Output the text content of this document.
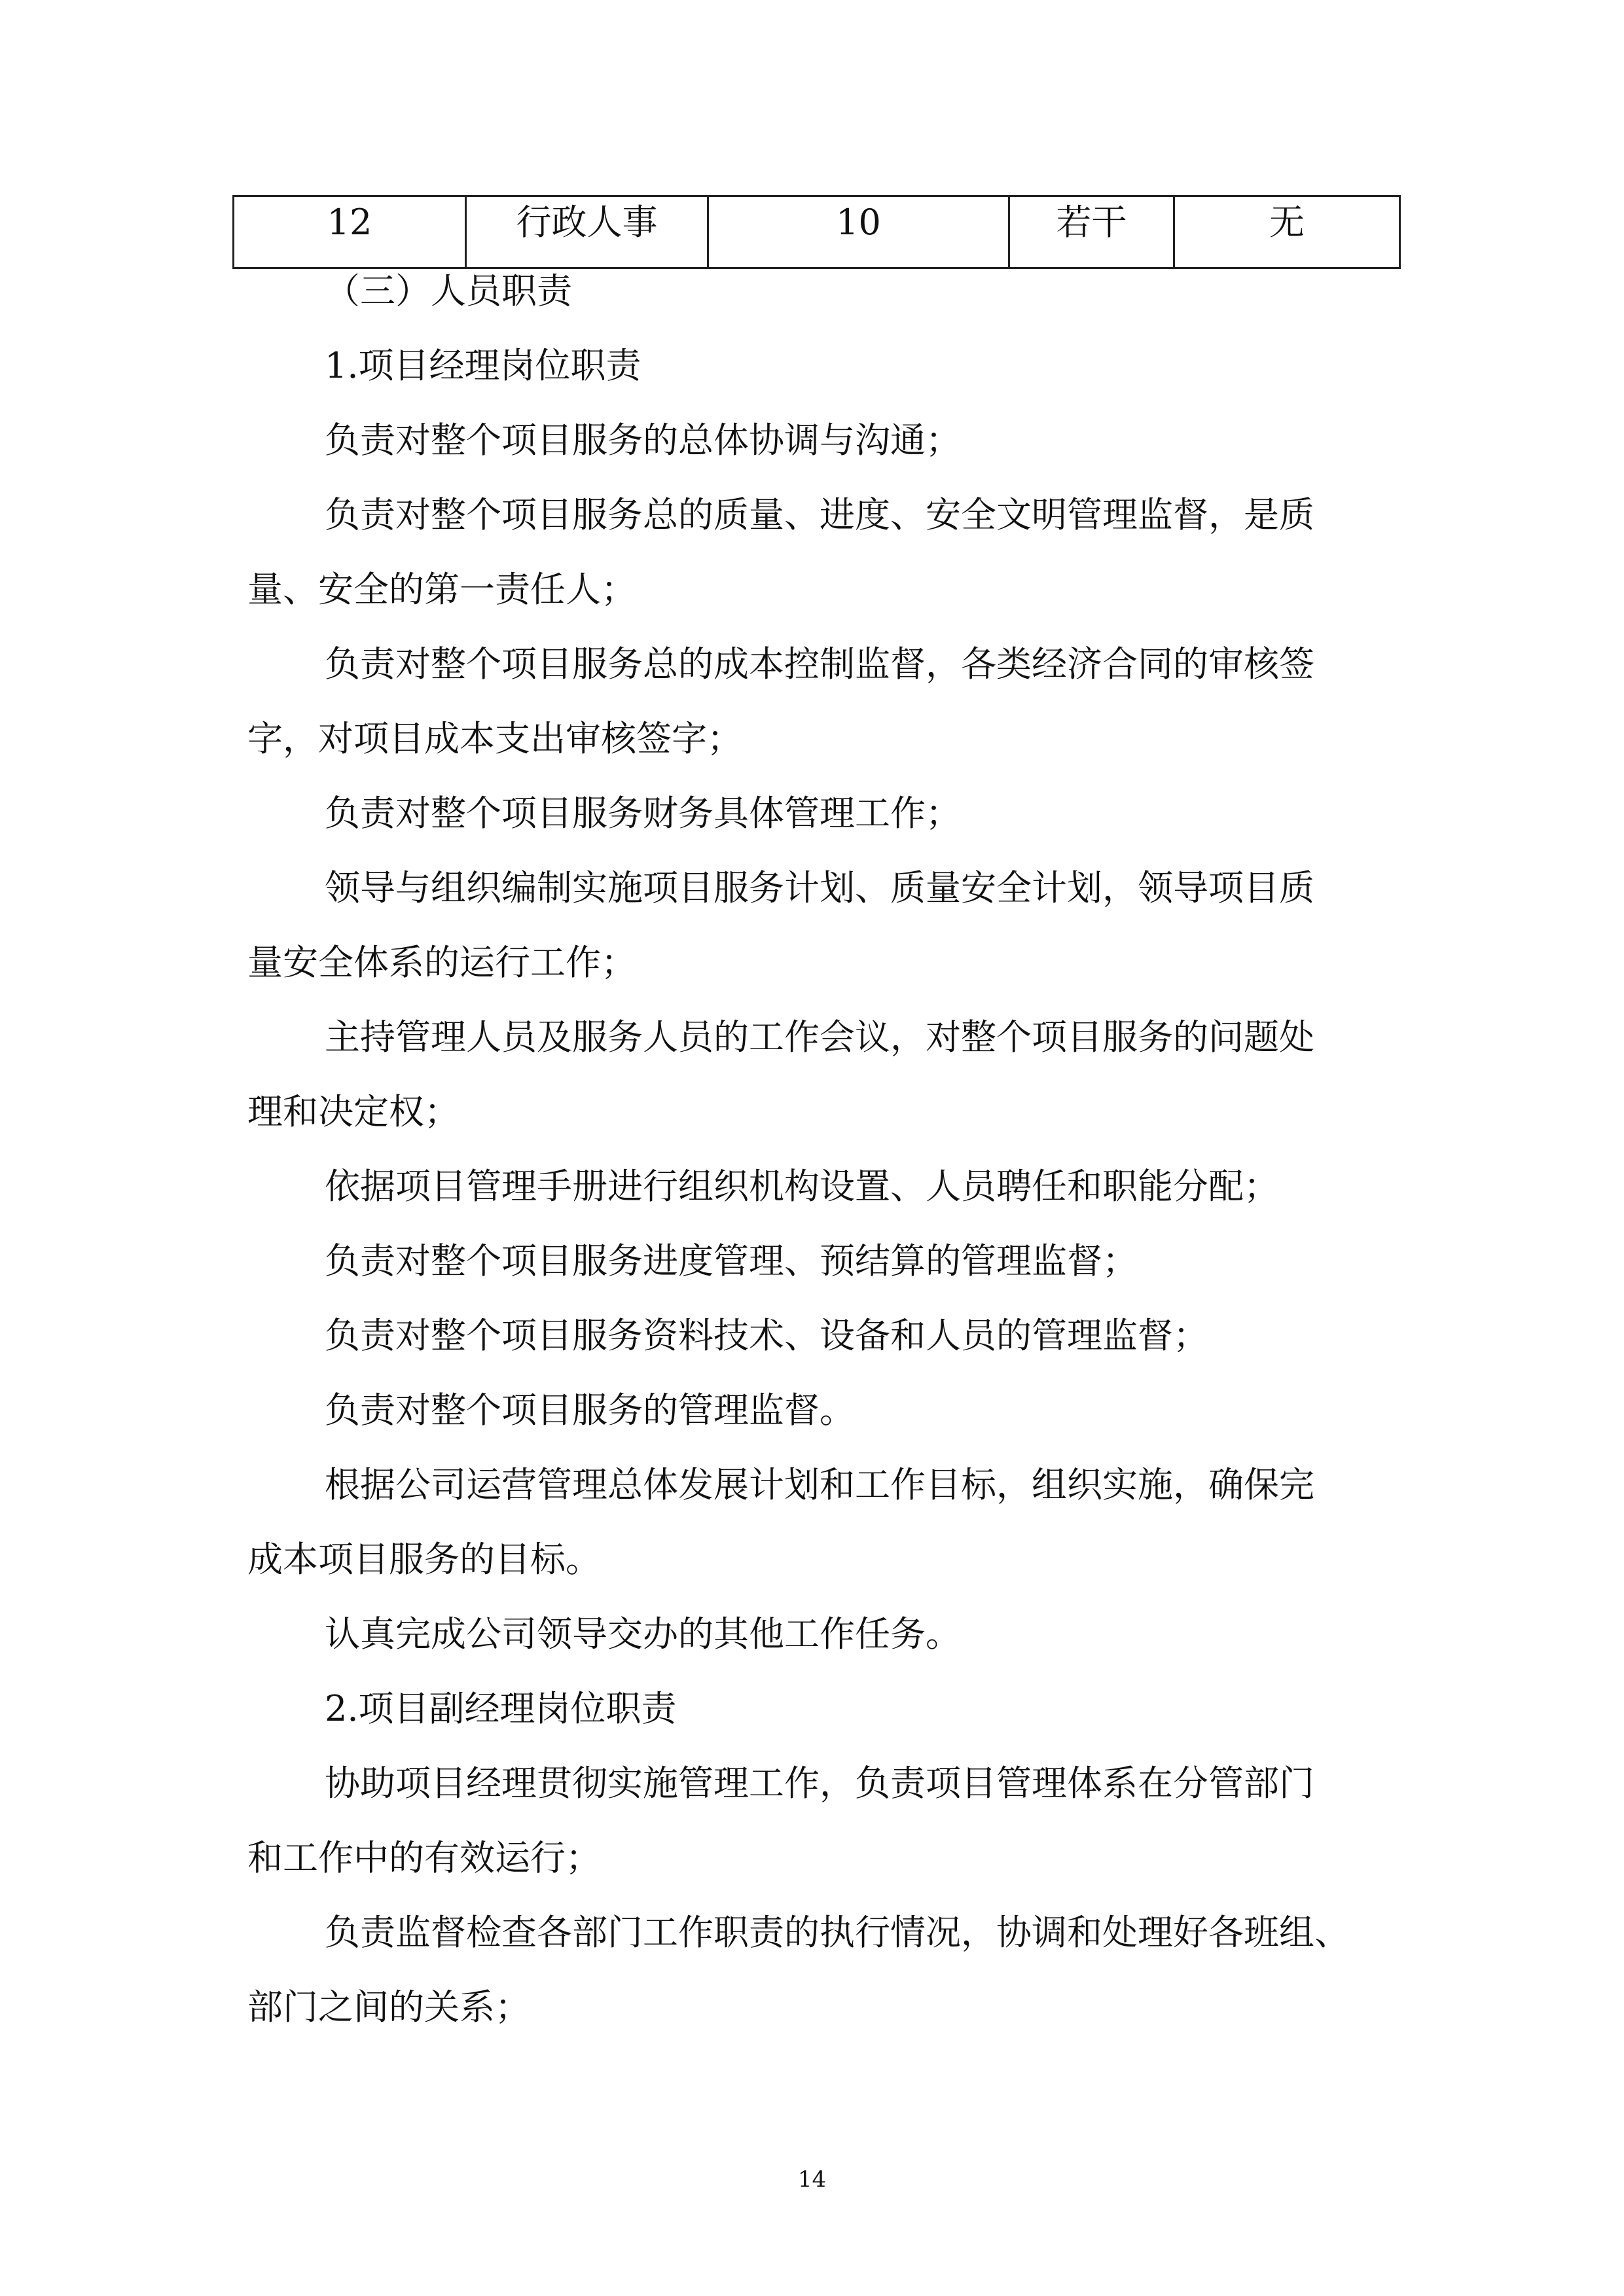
12	行政人事	10	若干	无

（三）人员职责

1.项目经理岗位职责

负责对整个项目服务的总体协调与沟通；

负责对整个项目服务总的质量、进度、安全文明管理监督，是质

量、安全的第一责任人；

负责对整个项目服务总的成本控制监督，各类经济合同的审核签

字，对项目成本支出审核签字；

负责对整个项目服务财务具体管理工作；

领导与组织编制实施项目服务计划、质量安全计划，领导项目质

量安全体系的运行工作；

主持管理人员及服务人员的工作会议，对整个项目服务的问题处

理和决定权；

依据项目管理手册进行组织机构设置、人员聘任和职能分配；

负责对整个项目服务进度管理、预结算的管理监督；

负责对整个项目服务资料技术、设备和人员的管理监督；

负责对整个项目服务的管理监督。

根据公司运营管理总体发展计划和工作目标，组织实施，确保完

成本项目服务的目标。

认真完成公司领导交办的其他工作任务。

2.项目副经理岗位职责

协助项目经理贯彻实施管理工作，负责项目管理体系在分管部门

和工作中的有效运行；

负责监督检查各部门工作职责的执行情况，协调和处理好各班组、

部门之间的关系；

14
